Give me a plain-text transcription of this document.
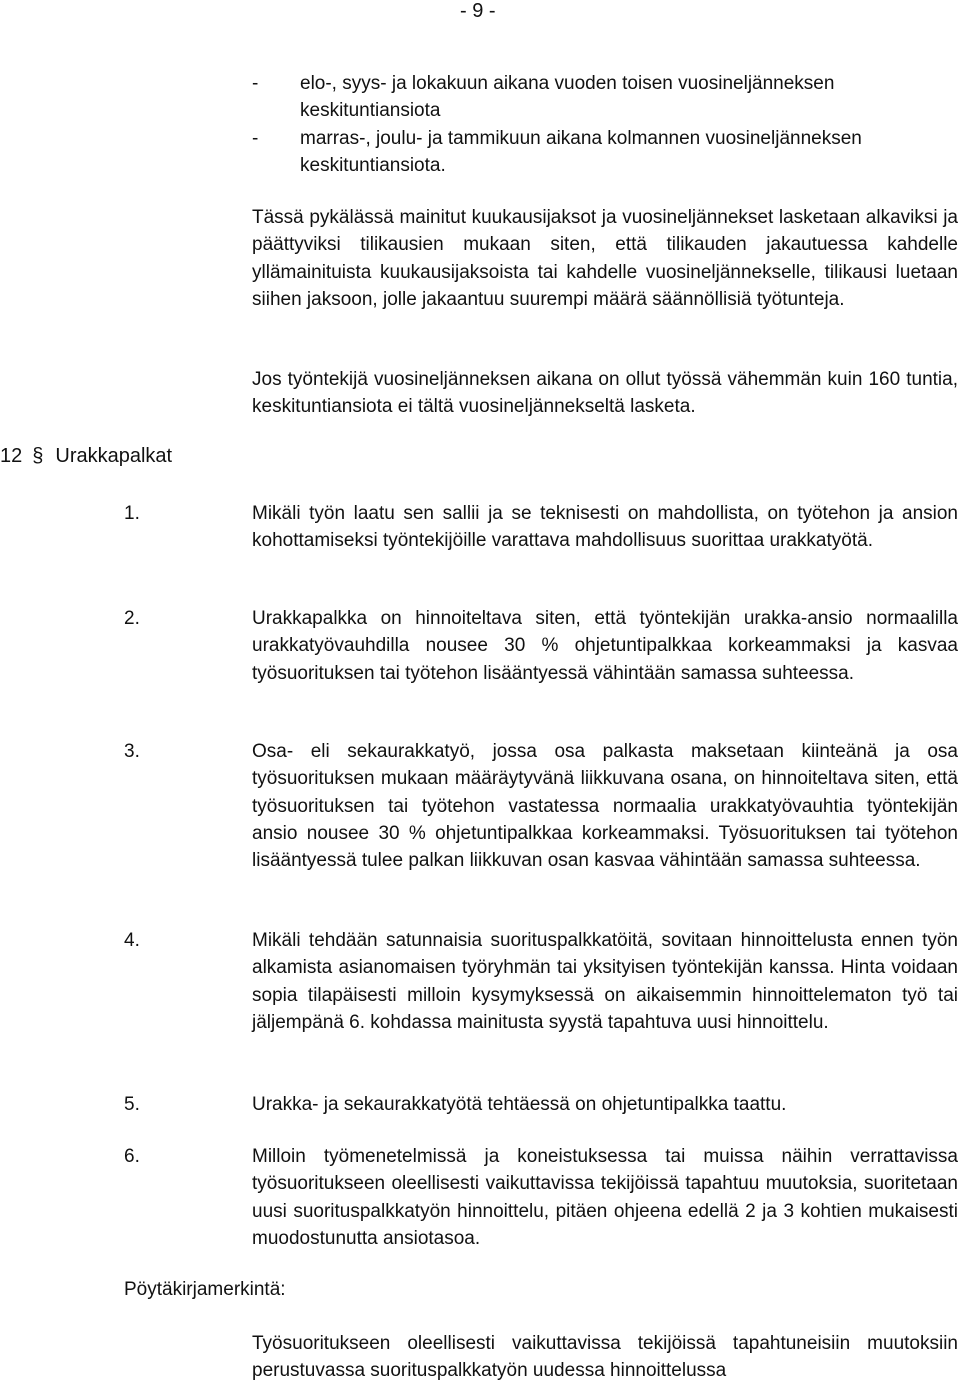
- 9 -
-	elo-, syys- ja lokakuun aikana vuoden toisen vuosineljänneksen keskituntiansiota
-	marras-, joulu- ja tammikuun aikana kolmannen vuosineljänneksen keskituntiansiota.

Tässä pykälässä mainitut kuukausijaksot ja vuosineljännekset lasketaan alkaviksi ja päättyviksi tilikausien mukaan siten, että tilikauden jakautuessa kahdelle yllämainituista kuukausijaksoista tai kahdelle vuosineljännekselle, tilikausi luetaan siihen jaksoon, jolle jakaantuu suurempi määrä säännöllisiä työtunteja.

Jos työntekijä vuosineljänneksen aikana on ollut työssä vähemmän kuin 160 tuntia, keskituntiansiota ei tältä vuosineljännekseltä lasketa.

12 § Urakkapalkat
1.	Mikäli työn laatu sen sallii ja se teknisesti on mahdollista, on työtehon ja ansion kohottamiseksi työntekijöille varattava mahdollisuus suorittaa urakkatyötä.
2.	Urakkapalkka on hinnoiteltava siten, että työntekijän urakka-ansio normaalilla urakkatyövauhdilla nousee 30 % ohjetuntipalkkaa korkeammaksi ja kasvaa työsuorituksen tai työtehon lisääntyessä vähintään samassa suhteessa.
3.	Osa- eli sekaurakkatyö, jossa osa palkasta maksetaan kiinteänä ja osa työsuorituksen mukaan määräytyvänä liikkuvana osana, on hinnoiteltava siten, että työsuorituksen tai työtehon vastatessa normaalia urakkatyövauhtia työntekijän ansio nousee 30 % ohjetuntipalkkaa korkeammaksi. Työsuorituksen tai työtehon lisääntyessä tulee palkan liikkuvan osan kasvaa vähintään samassa suhteessa.
4.	Mikäli tehdään satunnaisia suorituspalkkatöitä, sovitaan hinnoittelusta ennen työn alkamista asianomaisen työryhmän tai yksityisen työntekijän kanssa. Hinta voidaan sopia tilapäisesti milloin kysymyksessä on aikaisemmin hinnoittelematon työ tai jäljempänä 6. kohdassa mainitusta syystä tapahtuva uusi hinnoittelu.
5.	Urakka- ja sekaurakkatyötä tehtäessä on ohjetuntipalkka taattu.
6.	Milloin työmenetelmissä ja koneistuksessa tai muissa näihin verrattavissa työsuoritukseen oleellisesti vaikuttavissa tekijöissä tapahtuu muutoksia, suoritetaan uusi suorituspalkkatyön hinnoittelu, pitäen ohjeena edellä 2 ja 3 kohtien mukaisesti muodostunutta ansiotasoa.
Pöytäkirjamerkintä:

Työsuoritukseen oleellisesti vaikuttavissa tekijöissä tapahtuneisiin muutoksiin perustuvassa suorituspalkkatyön uudessa hinnoittelussa
